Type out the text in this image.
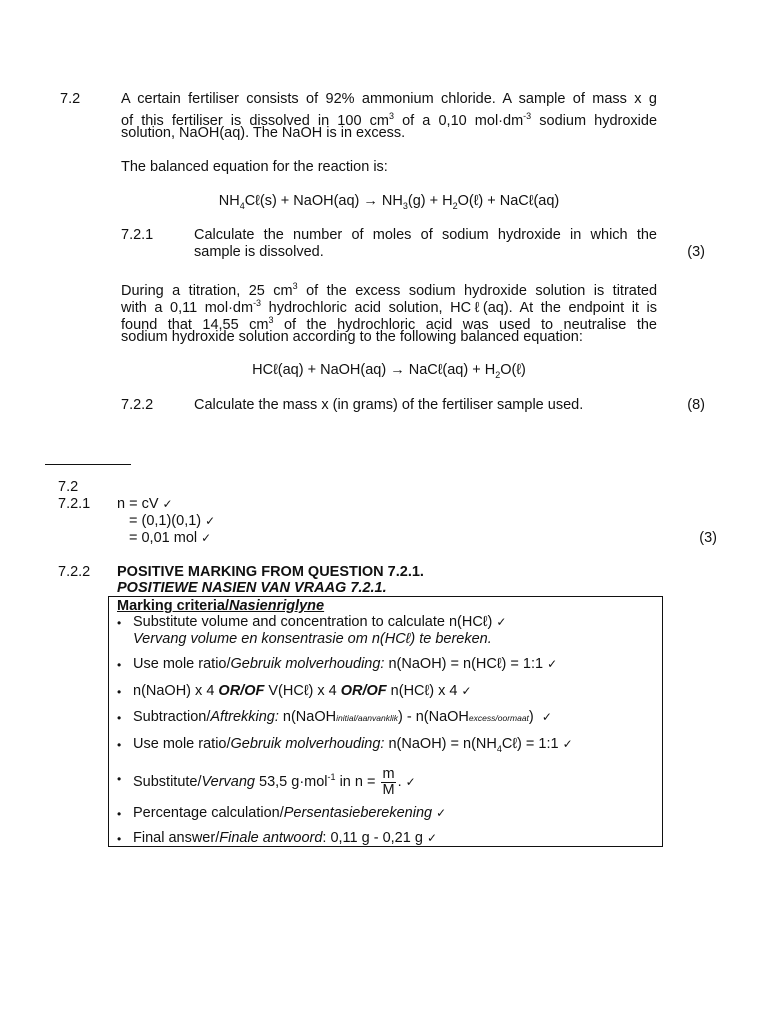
7.2	A certain fertiliser consists of 92% ammonium chloride. A sample of mass x g
of this fertiliser is dissolved in 100 $cm^3$ of a 0,10 $mol\cdot dm^{-3}$ sodium hydroxide
solution, NaOH(aq). The NaOH is in excess.
The balanced equation for the reaction is:
$NH_4C\ell(s)$ + NaOH(aq) → $NH_3(g)$ + $H_2O(\ell)$ + NaCℓ(aq)
7.2.1	Calculate the number of moles of sodium hydroxide in which the
sample is dissolved.	(3)
During a titration, 25 $cm^3$ of the excess sodium hydroxide solution is titrated
with a 0,11 $mol\cdot dm^{-3}$ hydrochloric acid solution, HCℓ(aq). At the endpoint it is
found that 14,55 $cm^3$ of the hydrochloric acid was used to neutralise the
sodium hydroxide solution according to the following balanced equation:
HCℓ(aq) + NaOH(aq) → NaCℓ(aq) + $H_2O(\ell)$
7.2.2	Calculate the mass x (in grams) of the fertiliser sample used.	(8)
7.2
7.2.1 n = cV ✓
= (0,1)(0,1) ✓
= 0,01 mol ✓	(3)
7.2.2 POSITIVE MARKING FROM QUESTION 7.2.1.
POSITIEWE NASIEN VAN VRAAG 7.2.1.
Marking criteria/Nasienriglyne
• Substitute volume and concentration to calculate n(HCℓ) ✓
Vervang volume en konsentrasie om n(HCℓ) te bereken.
• Use mole ratio/Gebruik molverhouding: n(NaOH) = n(HCℓ) = 1:1 ✓
• n(NaOH) x 4 OR/OF V(HCℓ) x 4 OR/OF n(HCℓ) x 4 ✓
• Subtraction/Aftrekking: n(NaOHinitial/aanvanklik) - n(NaOHexcess/oormaat) ✓
• Use mole ratio/Gebruik molverhouding: n(NaOH) = $n(NH_4C\ell)$ = 1:1 ✓
• Substitute/Vervang 53,5 g·mol$^{-1}$ in $n = \frac{m}{M}$ . ✓
• Percentage calculation/Persentasieberekening ✓
• Final answer/Finale antwoord: 0,11 g - 0,21 g ✓
